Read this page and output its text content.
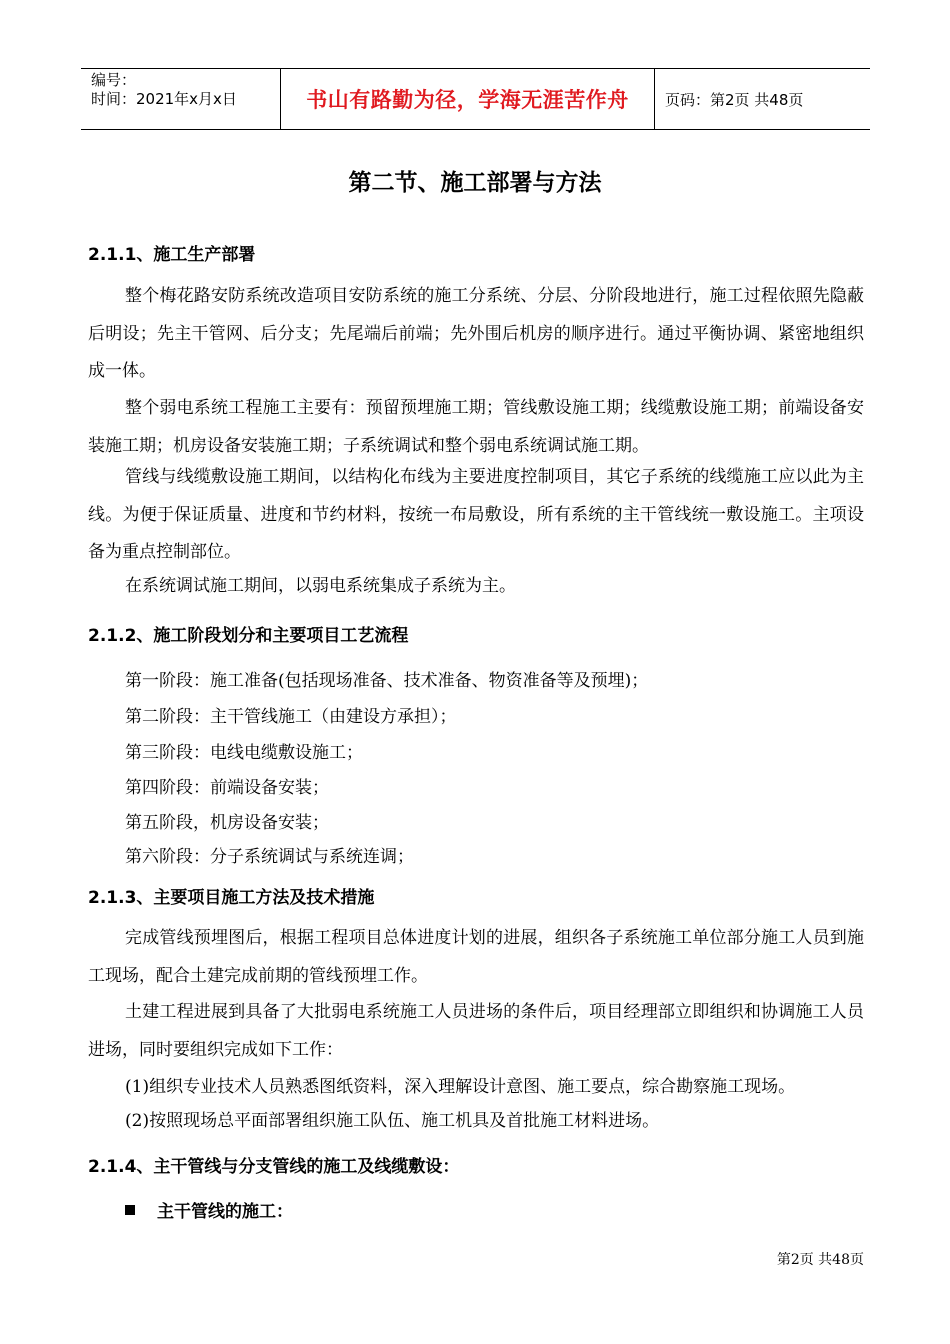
编号：
时间：2021年x月x日	书山有路勤为径，学海无涯苦作舟	页码：第2页 共48页
第二节、施工部署与方法
2.1.1、施工生产部署

整个梅花路安防系统改造项目安防系统的施工分系统、分层、分阶段地进行，施工过程依照先隐蔽后明设；先主干管网、后分支；先尾端后前端；先外围后机房的顺序进行。通过平衡协调、紧密地组织成一体。

整个弱电系统工程施工主要有：预留预埋施工期；管线敷设施工期；线缆敷设施工期；前端设备安装施工期；机房设备安装施工期；子系统调试和整个弱电系统调试施工期。

管线与线缆敷设施工期间，以结构化布线为主要进度控制项目，其它子系统的线缆施工应以此为主线。为便于保证质量、进度和节约材料，按统一布局敷设，所有系统的主干管线统一敷设施工。主项设备为重点控制部位。

在系统调试施工期间，以弱电系统集成子系统为主。

2.1.2、施工阶段划分和主要项目工艺流程
第一阶段：施工准备(包括现场准备、技术准备、物资准备等及预埋)；
第二阶段：主干管线施工（由建设方承担）；
第三阶段：电线电缆敷设施工；
第四阶段：前端设备安装；
第五阶段，机房设备安装；
第六阶段：分子系统调试与系统连调；
2.1.3、主要项目施工方法及技术措施

完成管线预埋图后，根据工程项目总体进度计划的进展，组织各子系统施工单位部分施工人员到施工现场，配合土建完成前期的管线预埋工作。

土建工程进展到具备了大批弱电系统施工人员进场的条件后，项目经理部立即组织和协调施工人员进场，同时要组织完成如下工作：

(1)组织专业技术人员熟悉图纸资料，深入理解设计意图、施工要点，综合勘察施工现场。

(2)按照现场总平面部署组织施工队伍、施工机具及首批施工材料进场。

2.1.4、主干管线与分支管线的施工及线缆敷设：
主干管线的施工：
第2页 共48页
